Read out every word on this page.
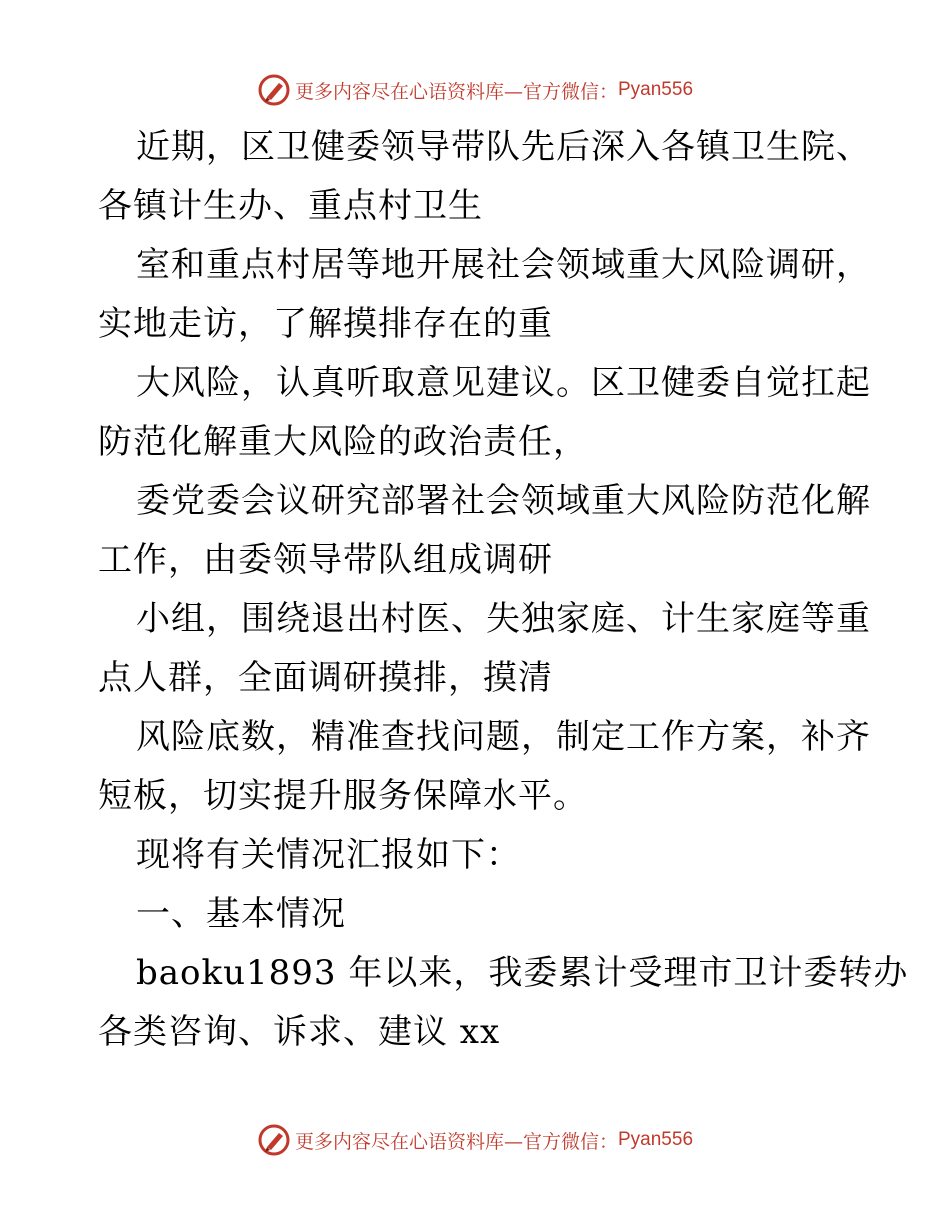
更多内容尽在心语资料库—官方微信： Pyan556
近期，区卫健委领导带队先后深入各镇卫生院、
各镇计生办、重点村卫生
室和重点村居等地开展社会领域重大风险调研，
实地走访，了解摸排存在的重
大风险，认真听取意见建议。区卫健委自觉扛起
防范化解重大风险的政治责任，
委党委会议研究部署社会领域重大风险防范化解
工作，由委领导带队组成调研
小组，围绕退出村医、失独家庭、计生家庭等重
点人群，全面调研摸排，摸清
风险底数，精准查找问题，制定工作方案，补齐
短板，切实提升服务保障水平。
现将有关情况汇报如下：
一、基本情况
baoku1893 年以来，我委累计受理市卫计委转办
各类咨询、诉求、建议 xx
更多内容尽在心语资料库—官方微信： Pyan556
